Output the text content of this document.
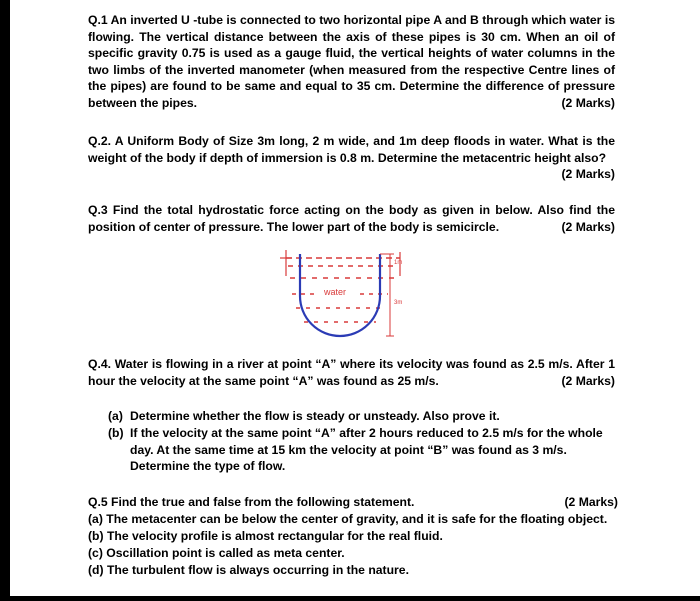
Q.1 An inverted U -tube is connected to two horizontal pipe A and B through which water is flowing. The vertical distance between the axis of these pipes is 30 cm. When an oil of specific gravity 0.75 is used as a gauge fluid, the vertical heights of water columns in the two limbs of the inverted manometer (when measured from the respective Centre lines of the pipes) are found to be same and equal to 35 cm. Determine the difference of pressure between the pipes.	(2 Marks)
Q.2. A Uniform Body of Size 3m long, 2 m wide, and 1m deep floods in water. What is the weight of the body if depth of immersion is 0.8 m. Determine the metacentric height also?
(2 Marks)
Q.3 Find the total hydrostatic force acting on the body as given in below. Also find the position of center of pressure. The lower part of the body is semicircle.	(2 Marks)
water
1m
3m
Q.4. Water is flowing in a river at point “A” where its velocity was found as 2.5 m/s. After 1 hour the velocity at the same point “A” was found as 25 m/s.	(2 Marks)
(a) Determine whether the flow is steady or unsteady. Also prove it.
(b) If the velocity at the same point “A” after 2 hours reduced to 2.5 m/s for the whole day. At the same time at 15 km the velocity at point “B” was found as 3 m/s. Determine the type of flow.
Q.5 Find the true and false from the following statement.	(2 Marks)
(a) The metacenter can be below the center of gravity, and it is safe for the floating object.
(b) The velocity profile is almost rectangular for the real fluid.
(c) Oscillation point is called as meta center.
(d) The turbulent flow is always occurring in the nature.
